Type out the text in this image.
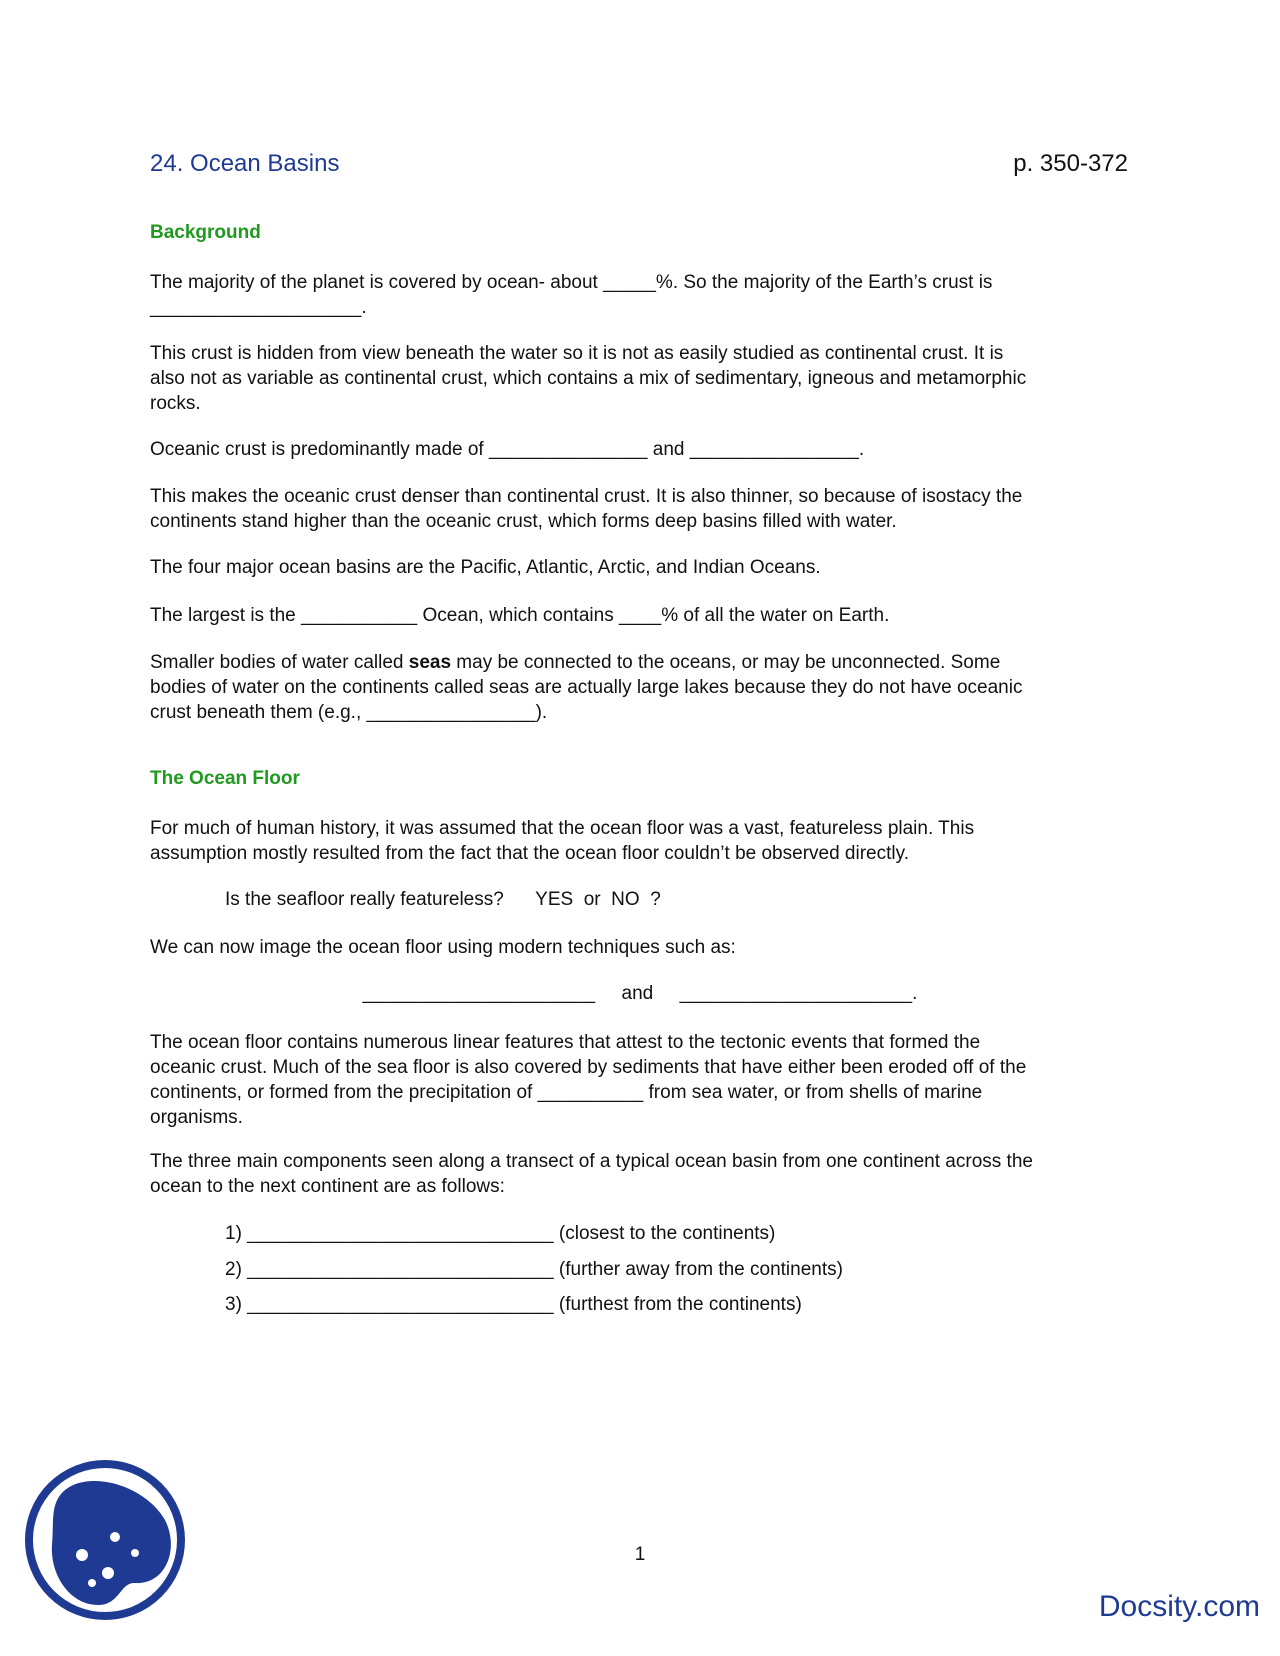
24. Ocean Basins	p. 350-372
Background
The majority of the planet is covered by ocean- about _____%. So the majority of the Earth’s crust is
____________________.
This crust is hidden from view beneath the water so it is not as easily studied as continental crust. It is
also not as variable as continental crust, which contains a mix of sedimentary, igneous and metamorphic
rocks.
Oceanic crust is predominantly made of _______________ and ________________.
This makes the oceanic crust denser than continental crust. It is also thinner, so because of isostacy the
continents stand higher than the oceanic crust, which forms deep basins filled with water.
The four major ocean basins are the Pacific, Atlantic, Arctic, and Indian Oceans.
The largest is the ___________ Ocean, which contains ____% of all the water on Earth.
Smaller bodies of water called seas may be connected to the oceans, or may be unconnected. Some
bodies of water on the continents called seas are actually large lakes because they do not have oceanic
crust beneath them (e.g., ________________).
The Ocean Floor
For much of human history, it was assumed that the ocean floor was a vast, featureless plain. This
assumption mostly resulted from the fact that the ocean floor couldn’t be observed directly.
Is the seafloor really featureless?      YES  or  NO  ?
We can now image the ocean floor using modern techniques such as:
______________________     and     ______________________.
The ocean floor contains numerous linear features that attest to the tectonic events that formed the
oceanic crust. Much of the sea floor is also covered by sediments that have either been eroded off of the
continents, or formed from the precipitation of __________ from sea water, or from shells of marine
organisms.
The three main components seen along a transect of a typical ocean basin from one continent across the
ocean to the next continent are as follows:
1) _____________________________ (closest to the continents)
2) _____________________________ (further away from the continents)
3) _____________________________ (furthest from the continents)
1
Docsity.com
